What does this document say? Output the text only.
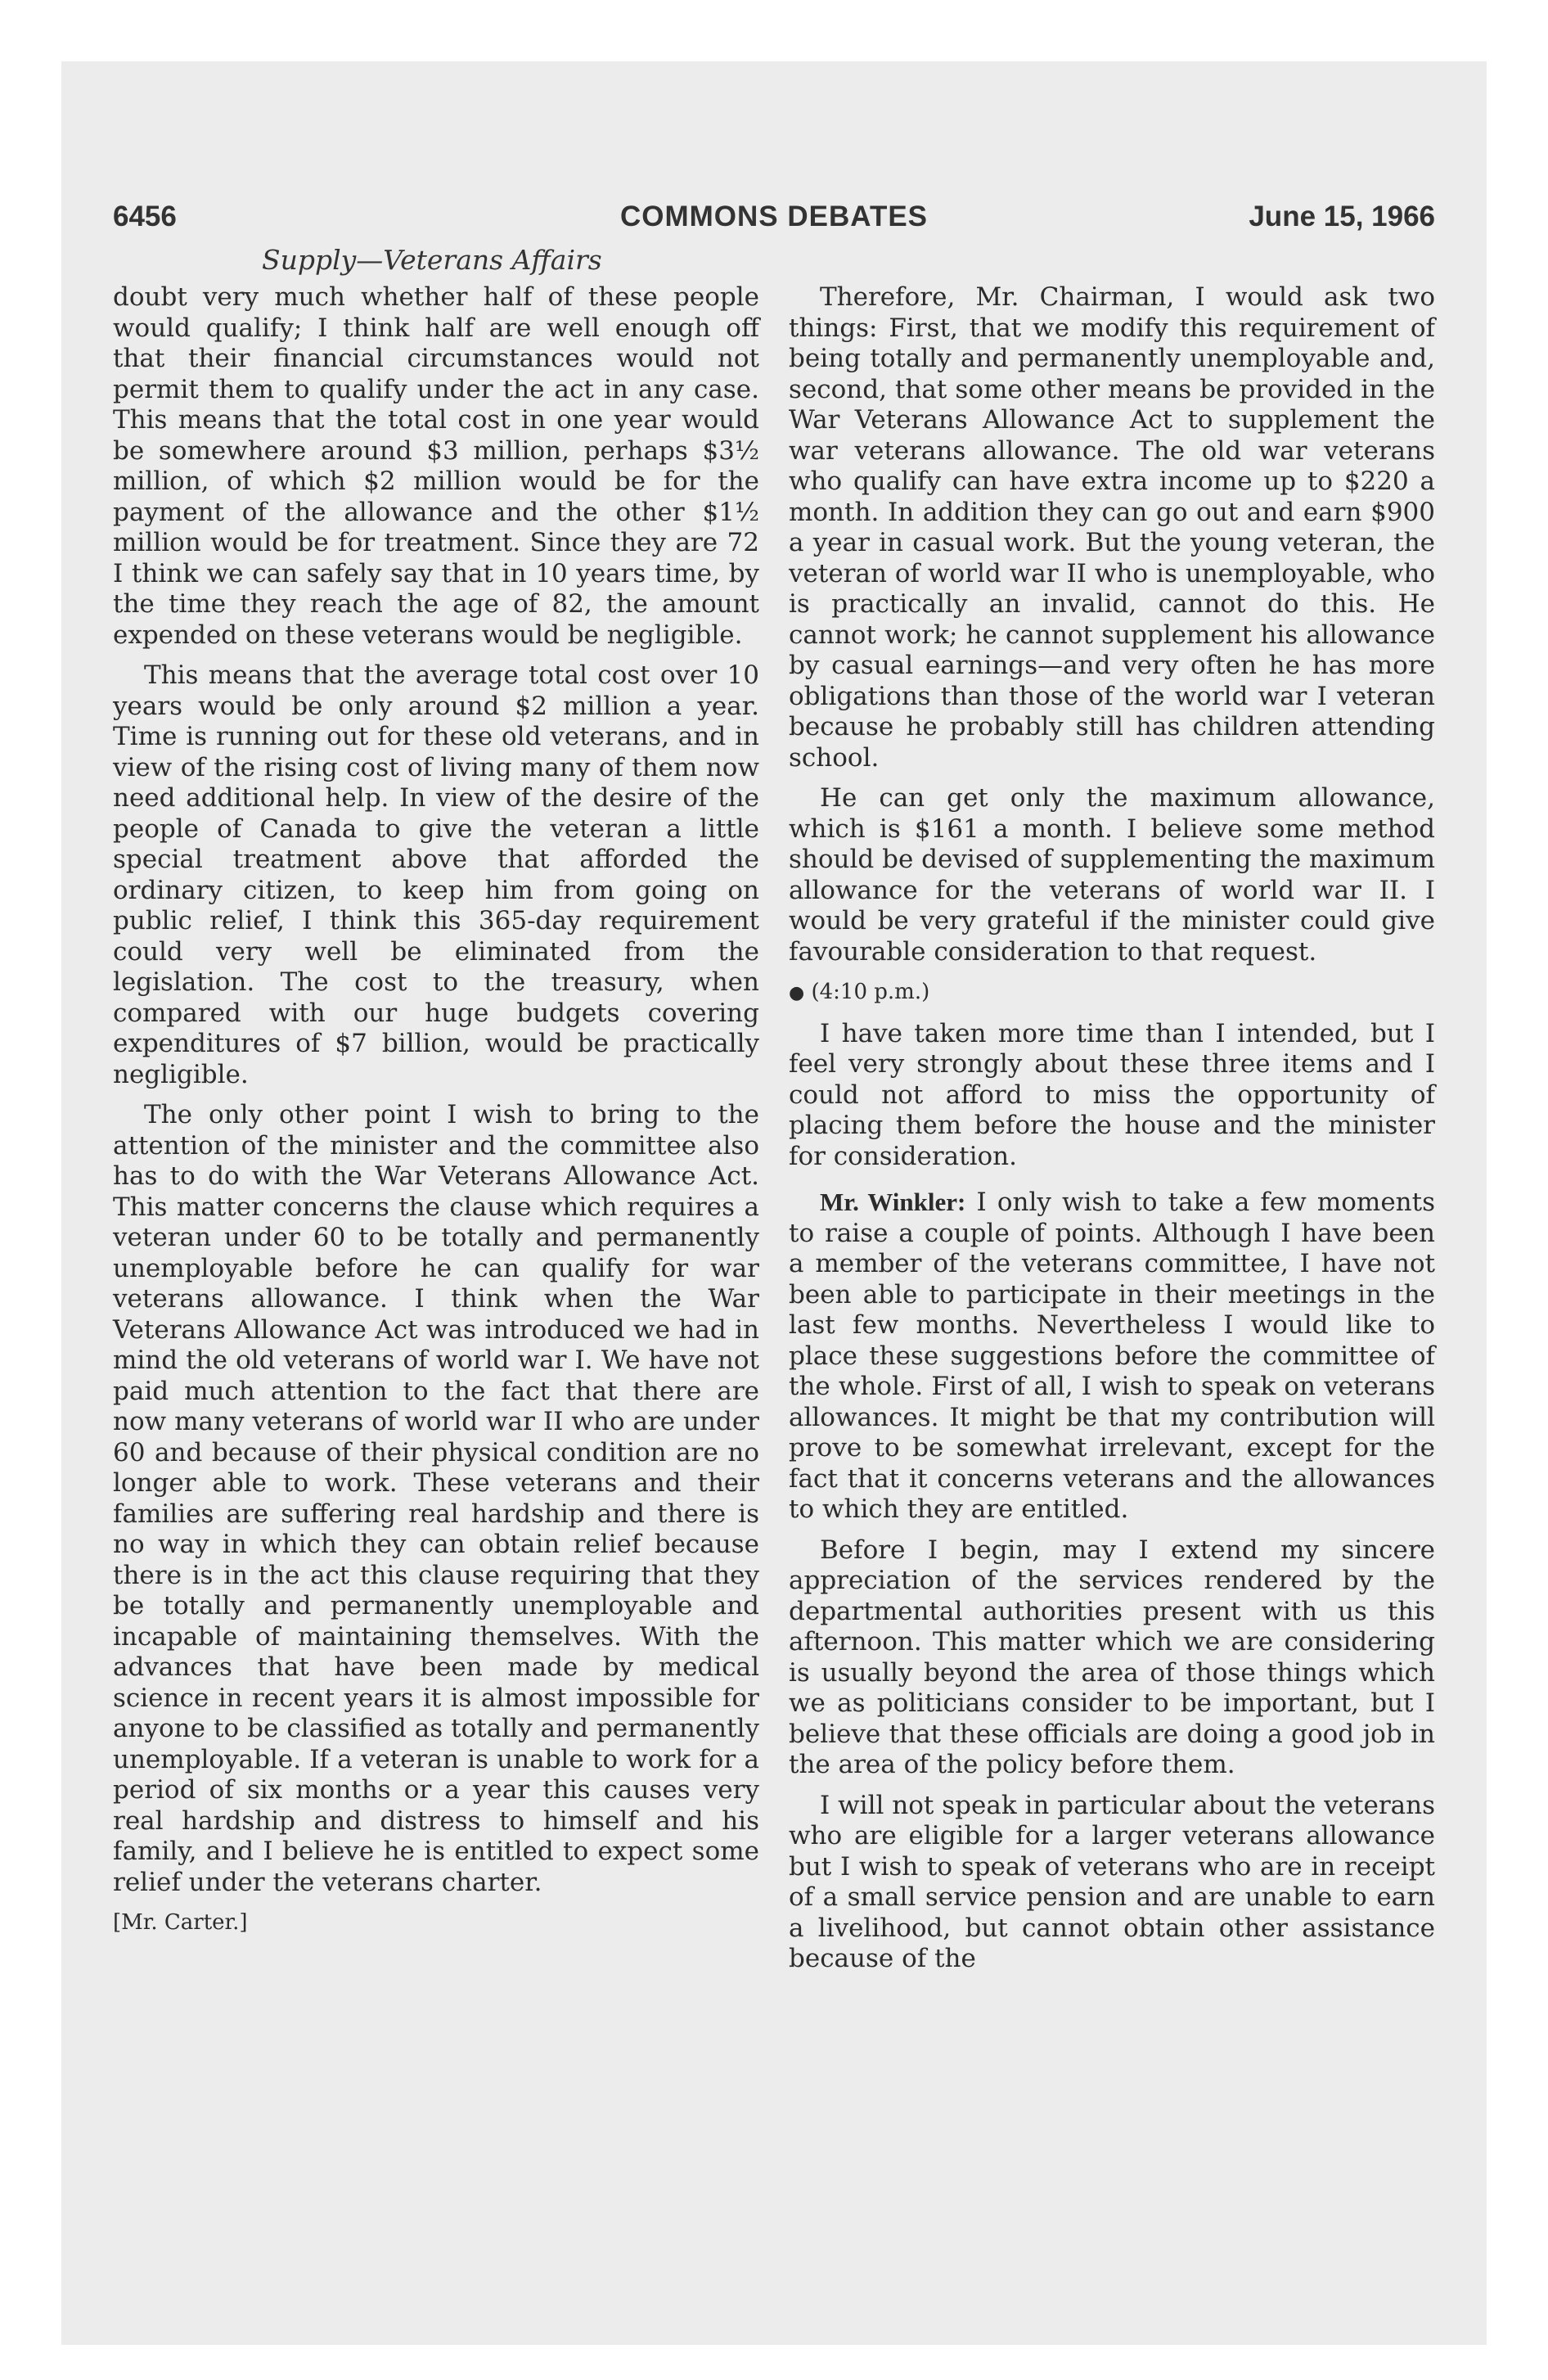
6456	COMMONS DEBATES	June 15, 1966
Supply—Veterans Affairs

doubt very much whether half of these people would qualify; I think half are well enough off that their financial circumstances would not permit them to qualify under the act in any case. This means that the total cost in one year would be somewhere around $3 million, perhaps $3½ million, of which $2 million would be for the payment of the allowance and the other $1½ million would be for treatment. Since they are 72 I think we can safely say that in 10 years time, by the time they reach the age of 82, the amount expended on these veterans would be negligible.

This means that the average total cost over 10 years would be only around $2 million a year. Time is running out for these old veterans, and in view of the rising cost of living many of them now need additional help. In view of the desire of the people of Canada to give the veteran a little special treatment above that afforded the ordinary citizen, to keep him from going on public relief, I think this 365-day requirement could very well be eliminated from the legislation. The cost to the treasury, when compared with our huge budgets covering expenditures of $7 billion, would be practically negligible.

The only other point I wish to bring to the attention of the minister and the committee also has to do with the War Veterans Allowance Act. This matter concerns the clause which requires a veteran under 60 to be totally and permanently unemployable before he can qualify for war veterans allowance. I think when the War Veterans Allowance Act was introduced we had in mind the old veterans of world war I. We have not paid much attention to the fact that there are now many veterans of world war II who are under 60 and because of their physical condition are no longer able to work. These veterans and their families are suffering real hardship and there is no way in which they can obtain relief because there is in the act this clause requiring that they be totally and permanently unemployable and incapable of maintaining themselves. With the advances that have been made by medical science in recent years it is almost impossible for anyone to be classified as totally and permanently unemployable. If a veteran is unable to work for a period of six months or a year this causes very real hardship and distress to himself and his family, and I believe he is entitled to expect some relief under the veterans charter.

[Mr. Carter.]

Therefore, Mr. Chairman, I would ask two things: First, that we modify this requirement of being totally and permanently unemployable and, second, that some other means be provided in the War Veterans Allowance Act to supplement the war veterans allowance. The old war veterans who qualify can have extra income up to $220 a month. In addition they can go out and earn $900 a year in casual work. But the young veteran, the veteran of world war II who is unemployable, who is practically an invalid, cannot do this. He cannot work; he cannot supplement his allowance by casual earnings—and very often he has more obligations than those of the world war I veteran because he probably still has children attending school.

He can get only the maximum allowance, which is $161 a month. I believe some method should be devised of supplementing the maximum allowance for the veterans of world war II. I would be very grateful if the minister could give favourable consideration to that request.

● (4:10 p.m.)

I have taken more time than I intended, but I feel very strongly about these three items and I could not afford to miss the opportunity of placing them before the house and the minister for consideration.

Mr. Winkler: I only wish to take a few moments to raise a couple of points. Although I have been a member of the veterans committee, I have not been able to participate in their meetings in the last few months. Nevertheless I would like to place these suggestions before the committee of the whole. First of all, I wish to speak on veterans allowances. It might be that my contribution will prove to be somewhat irrelevant, except for the fact that it concerns veterans and the allowances to which they are entitled.

Before I begin, may I extend my sincere appreciation of the services rendered by the departmental authorities present with us this afternoon. This matter which we are considering is usually beyond the area of those things which we as politicians consider to be important, but I believe that these officials are doing a good job in the area of the policy before them.

I will not speak in particular about the veterans who are eligible for a larger veterans allowance but I wish to speak of veterans who are in receipt of a small service pension and are unable to earn a livelihood, but cannot obtain other assistance because of the
